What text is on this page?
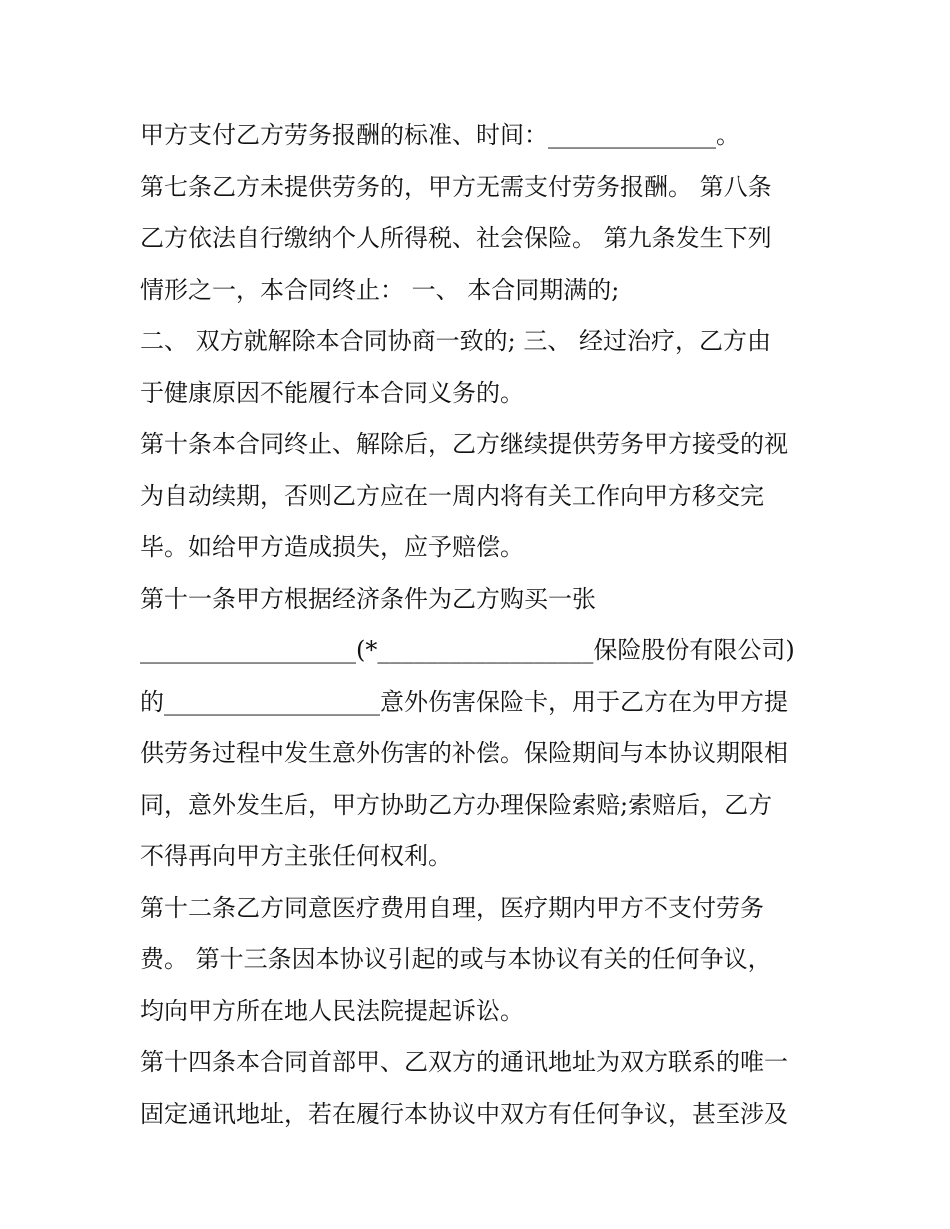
甲方支付乙方劳务报酬的标准、时间：______________。
第七条乙方未提供劳务的，甲方无需支付劳务报酬。 第八条
乙方依法自行缴纳个人所得税、社会保险。 第九条发生下列
情形之一，本合同终止： 一、 本合同期满的;
二、 双方就解除本合同协商一致的; 三、 经过治疗，乙方由
于健康原因不能履行本合同义务的。
第十条本合同终止、解除后，乙方继续提供劳务甲方接受的视
为自动续期，否则乙方应在一周内将有关工作向甲方移交完
毕。如给甲方造成损失，应予赔偿。
第十一条甲方根据经济条件为乙方购买一张
__________________(*__________________保险股份有限公司)
的__________________意外伤害保险卡，用于乙方在为甲方提
供劳务过程中发生意外伤害的补偿。保险期间与本协议期限相
同，意外发生后，甲方协助乙方办理保险索赔;索赔后，乙方
不得再向甲方主张任何权利。
第十二条乙方同意医疗费用自理，医疗期内甲方不支付劳务
费。 第十三条因本协议引起的或与本协议有关的任何争议，
均向甲方所在地人民法院提起诉讼。
第十四条本合同首部甲、乙双方的通讯地址为双方联系的唯一
固定通讯地址，若在履行本协议中双方有任何争议，甚至涉及
